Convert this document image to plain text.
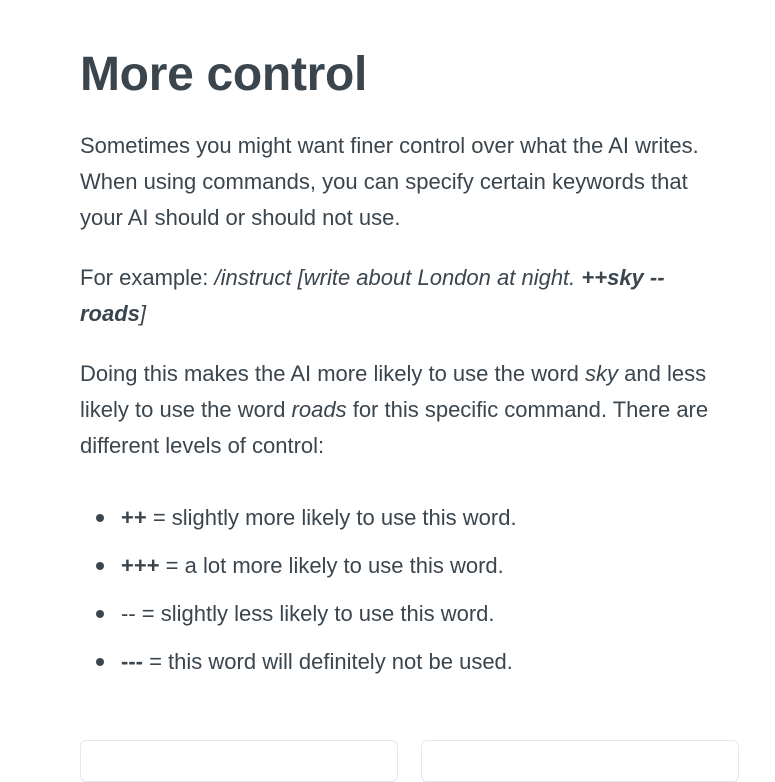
More control

Sometimes you might want finer control over what the AI writes. When using commands, you can specify certain keywords that your AI should or should not use.

For example: /instruct [write about London at night. ++sky --roads]

Doing this makes the AI more likely to use the word sky and less likely to use the word roads for this specific command. There are different levels of control:

++ = slightly more likely to use this word.
+++ = a lot more likely to use this word.
-- = slightly less likely to use this word.
--- = this word will definitely not be used.
